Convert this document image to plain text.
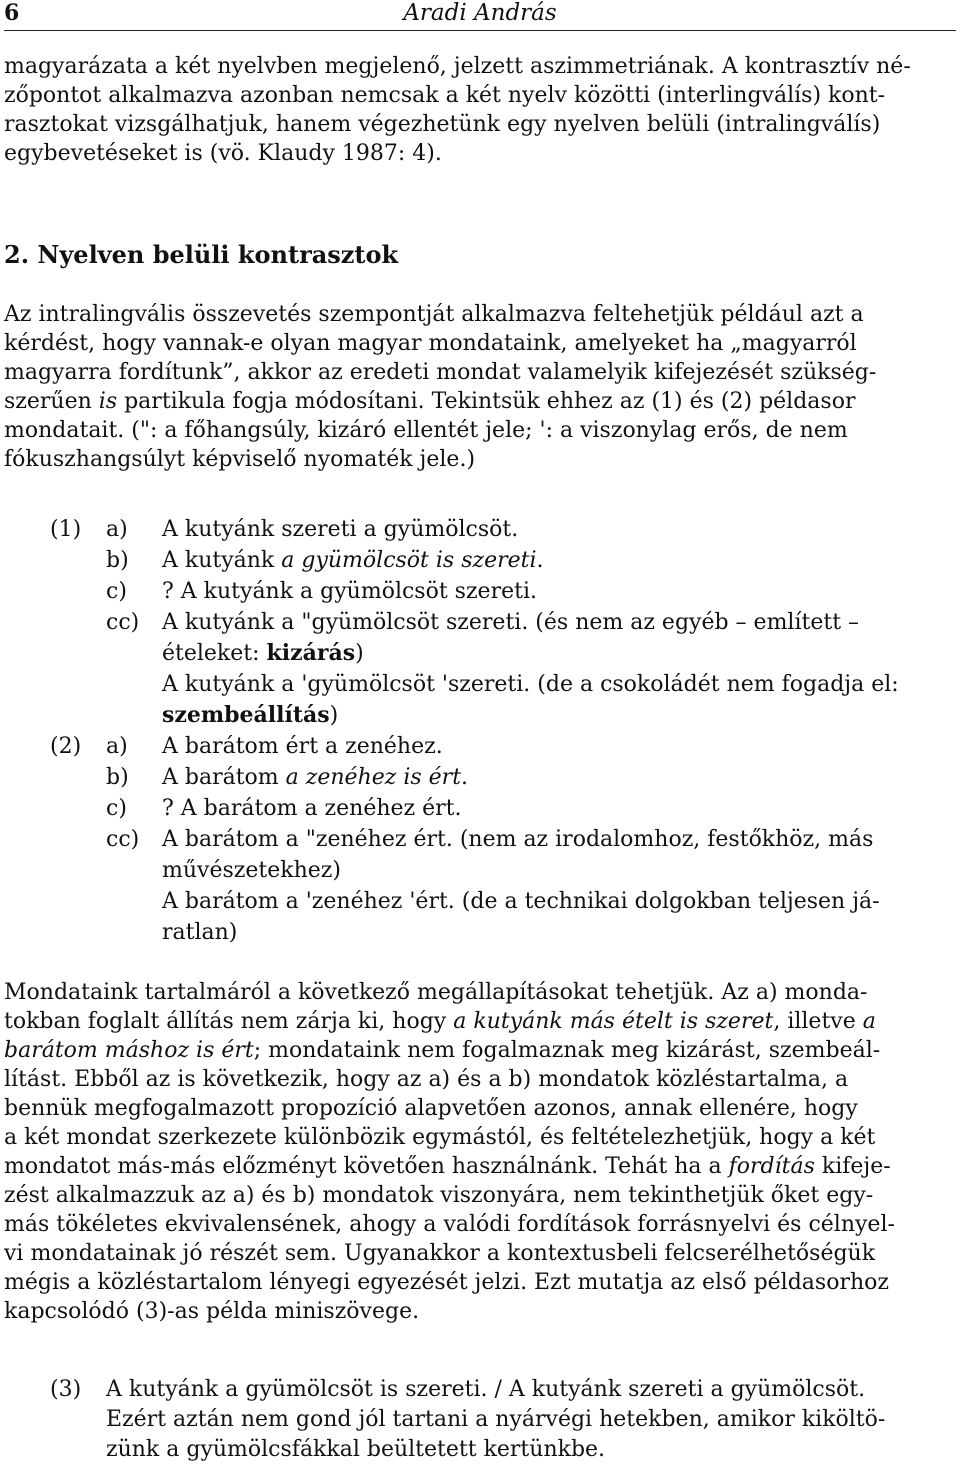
6	Aradi András
magyarázata a két nyelvben megjelenő, jelzett aszimmetriának. A kontrasztív né-
zőpontot alkalmazva azonban nemcsak a két nyelv közötti (interlingválís) kont-
rasztokat vizsgálhatjuk, hanem végezhetünk egy nyelven belüli (intralingválís)
egybevetéseket is (vö. Klaudy 1987: 4).
2. Nyelven belüli kontrasztok
Az intralingvális összevetés szempontját alkalmazva feltehetjük például azt a
kérdést, hogy vannak-e olyan magyar mondataink, amelyeket ha „magyarról
magyarra fordítunk”, akkor az eredeti mondat valamelyik kifejezését szükség-
szerűen is partikula fogja módosítani. Tekintsük ehhez az (1) és (2) példasor
mondatait. (": a főhangsúly, kizáró ellentét jele; ': a viszonylag erős, de nem
fókuszhangsúlyt képviselő nyomaték jele.)
(1) a) A kutyánk szereti a gyümölcsöt.
b) A kutyánk a gyümölcsöt is szereti.
c) ? A kutyánk a gyümölcsöt szereti.
cc) A kutyánk a "gyümölcsöt szereti. (és nem az egyéb – említett –
ételeket: kizárás)
A kutyánk a 'gyümölcsöt 'szereti. (de a csokoládét nem fogadja el:
szembeállítás)
(2) a) A barátom ért a zenéhez.
b) A barátom a zenéhez is ért.
c) ? A barátom a zenéhez ért.
cc) A barátom a "zenéhez ért. (nem az irodalomhoz, festőkhöz, más
művészetekhez)
A barátom a 'zenéhez 'ért. (de a technikai dolgokban teljesen já-
ratlan)
Mondataink tartalmáról a következő megállapításokat tehetjük. Az a) monda-
tokban foglalt állítás nem zárja ki, hogy a kutyánk más ételt is szeret, illetve a
barátom máshoz is ért; mondataink nem fogalmaznak meg kizárást, szembeál-
lítást. Ebből az is következik, hogy az a) és a b) mondatok közléstartalma, a
bennük megfogalmazott propozíció alapvetően azonos, annak ellenére, hogy
a két mondat szerkezete különbözik egymástól, és feltételezhetjük, hogy a két
mondatot más-más előzményt követően használnánk. Tehát ha a fordítás kifeje-
zést alkalmazzuk az a) és b) mondatok viszonyára, nem tekinthetjük őket egy-
más tökéletes ekvivalensének, ahogy a valódi fordítások forrásnyelvi és célnyel-
vi mondatainak jó részét sem. Ugyanakkor a kontextusbeli felcserélhetőségük
mégis a közléstartalom lényegi egyezését jelzi. Ezt mutatja az első példasorhoz
kapcsolódó (3)-as példa miniszövege.
(3) A kutyánk a gyümölcsöt is szereti. / A kutyánk szereti a gyümölcsöt.
Ezért aztán nem gond jól tartani a nyárvégi hetekben, amikor kiköltö-
zünk a gyümölcsfákkal beültetett kertünkbe.
